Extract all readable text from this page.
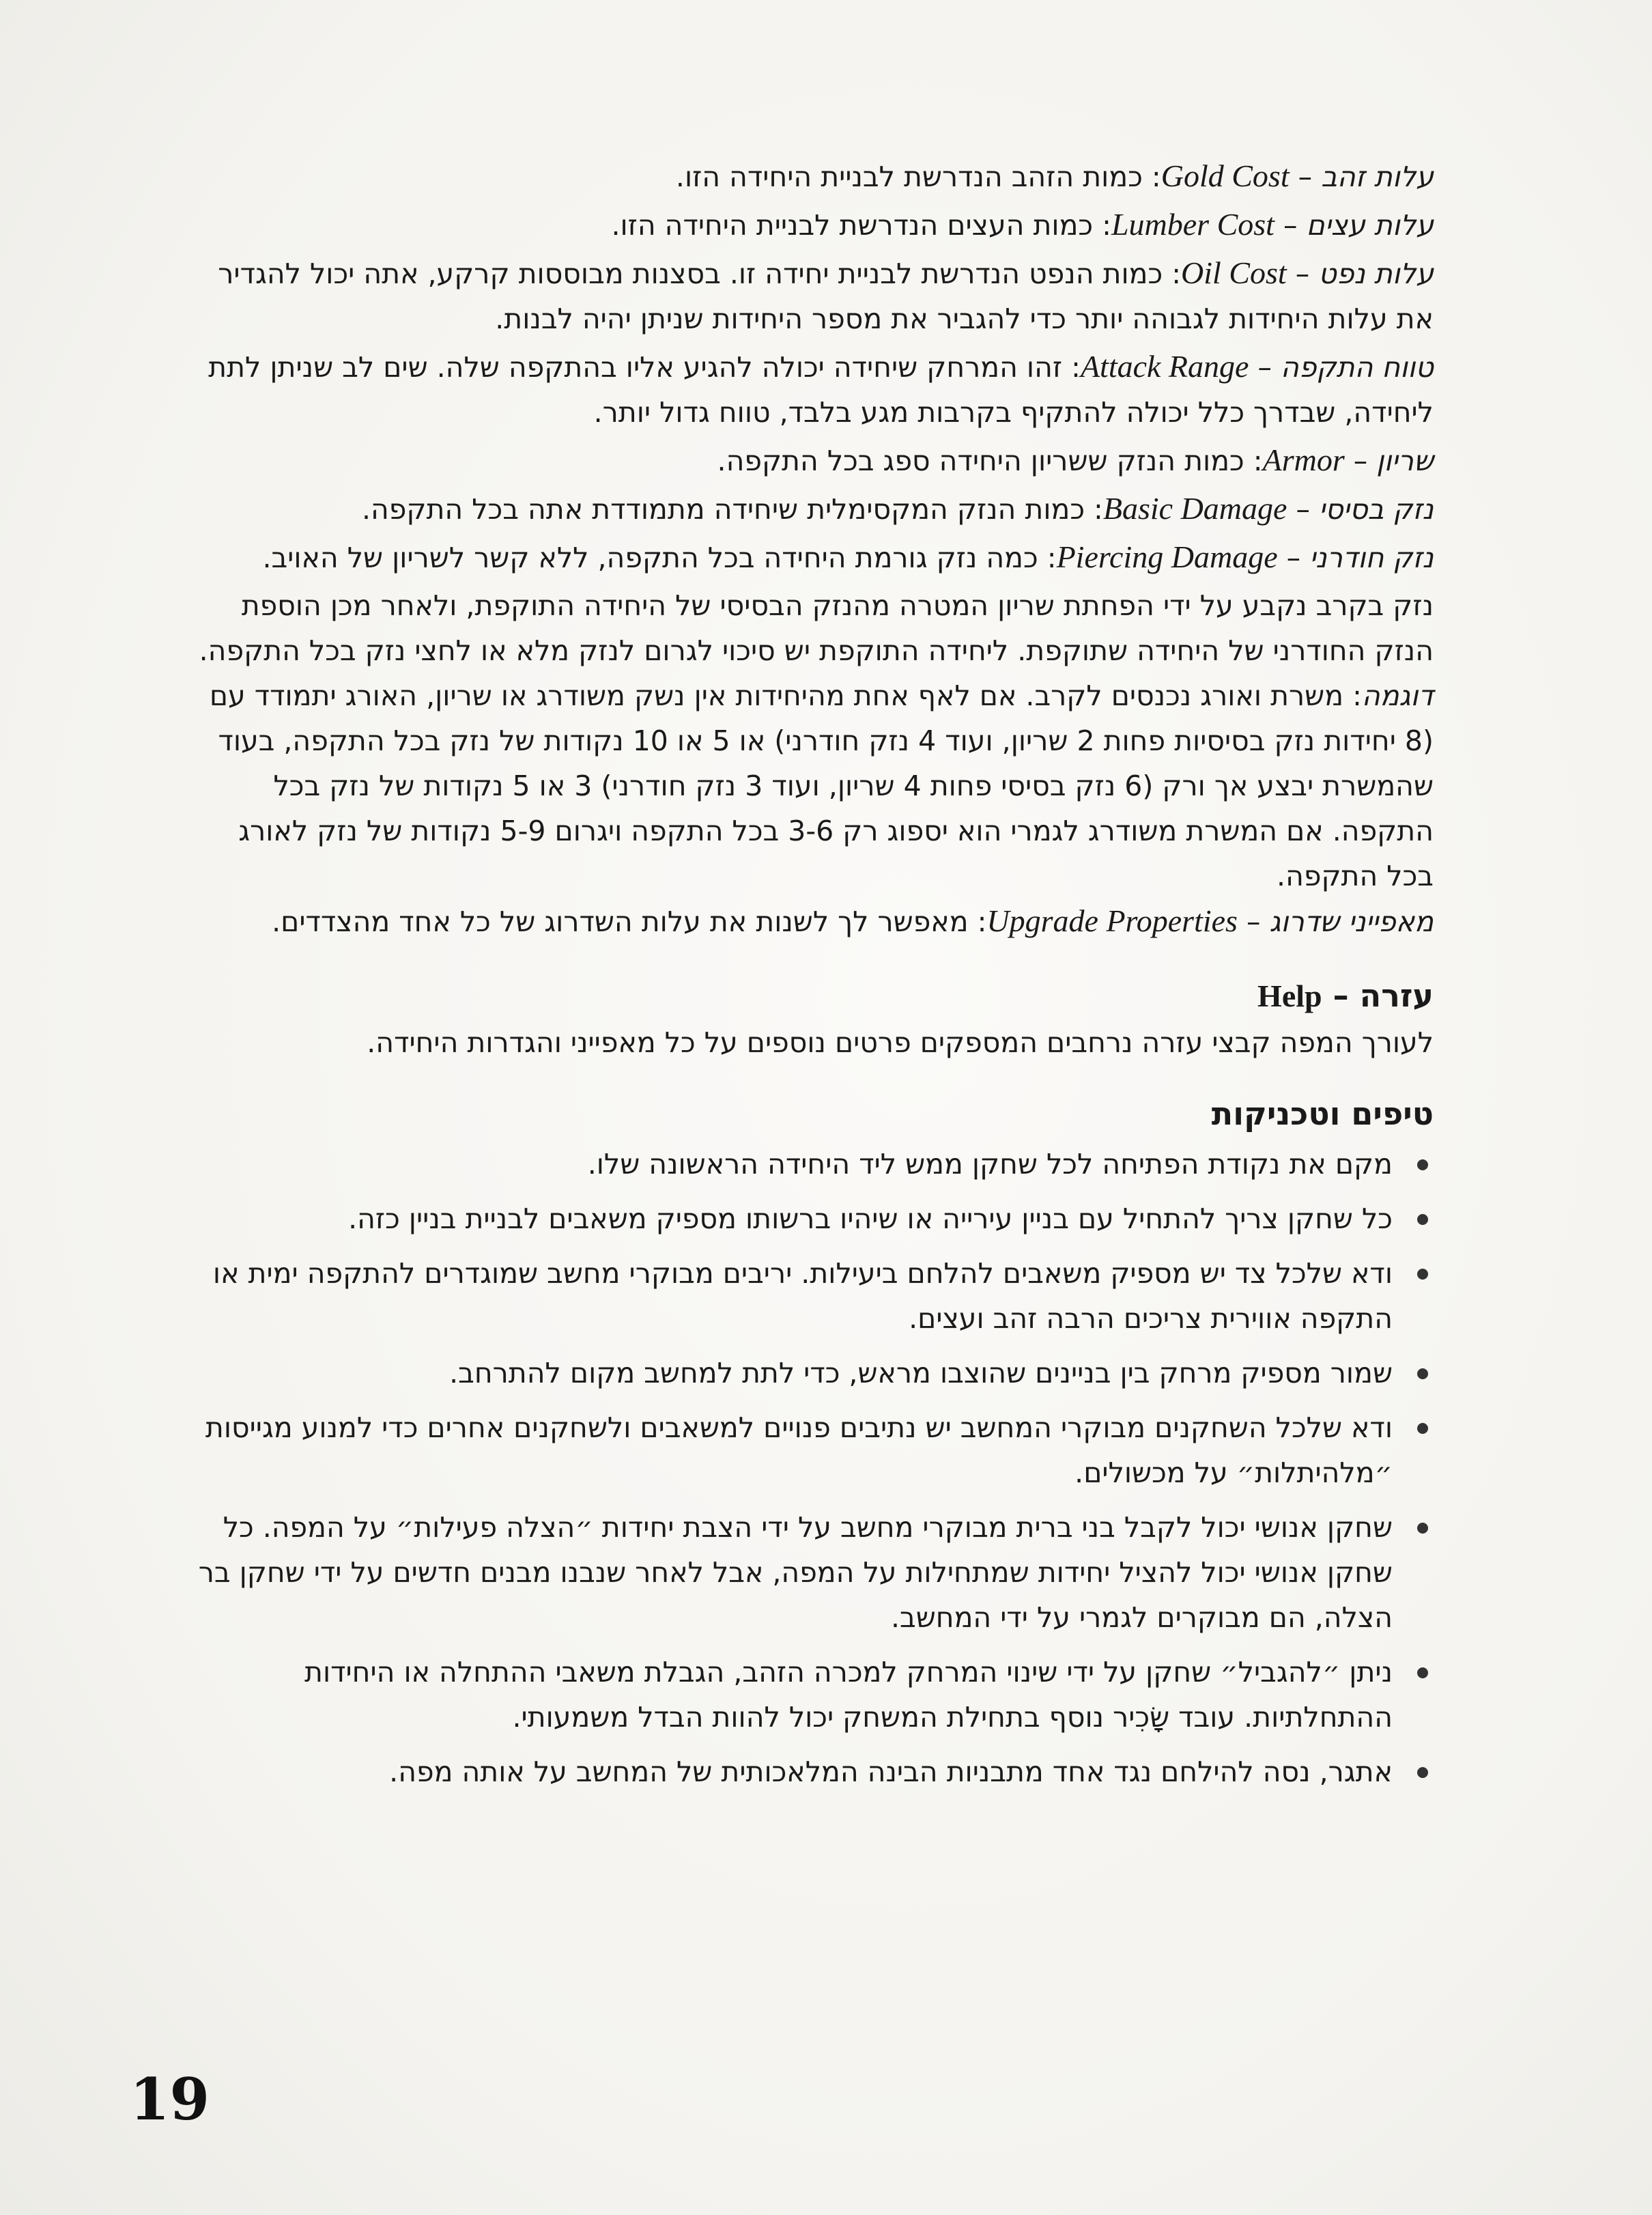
עלות זהב – Gold Cost: כמות הזהב הנדרשת לבניית היחידה הזו.

עלות עצים – Lumber Cost: כמות העצים הנדרשת לבניית היחידה הזו.

עלות נפט – Oil Cost: כמות הנפט הנדרשת לבניית יחידה זו. בסצנות מבוססות קרקע, אתה יכול להגדיר את עלות היחידות לגבוהה יותר כדי להגביר את מספר היחידות שניתן יהיה לבנות.

טווח התקפה – Attack Range: זהו המרחק שיחידה יכולה להגיע אליו בהתקפה שלה. שים לב שניתן לתת ליחידה, שבדרך כלל יכולה להתקיף בקרבות מגע בלבד, טווח גדול יותר.

שריון – Armor: כמות הנזק ששריון היחידה ספג בכל התקפה.

נזק בסיסי – Basic Damage: כמות הנזק המקסימלית שיחידה מתמודדת אתה בכל התקפה.

נזק חודרני – Piercing Damage: כמה נזק גורמת היחידה בכל התקפה, ללא קשר לשריון של האויב.

נזק בקרב נקבע על ידי הפחתת שריון המטרה מהנזק הבסיסי של היחידה התוקפת, ולאחר מכן הוספת הנזק החודרני של היחידה שתוקפת. ליחידה התוקפת יש סיכוי לגרום לנזק מלא או לחצי נזק בכל התקפה.

דוגמה: משרת ואורג נכנסים לקרב. אם לאף אחת מהיחידות אין נשק משודרג או שריון, האורג יתמודד עם (8 יחידות נזק בסיסיות פחות 2 שריון, ועוד 4 נזק חודרני) או 5 או 10 נקודות של נזק בכל התקפה, בעוד שהמשרת יבצע אך ורק (6 נזק בסיסי פחות 4 שריון, ועוד 3 נזק חודרני) 3 או 5 נקודות של נזק בכל התקפה. אם המשרת משודרג לגמרי הוא יספוג רק 3-6 בכל התקפה ויגרום 5-9 נקודות של נזק לאורג בכל התקפה.

מאפייני שדרוג – Upgrade Properties: מאפשר לך לשנות את עלות השדרוג של כל אחד מהצדדים.

עזרה – Help

לעורך המפה קבצי עזרה נרחבים המספקים פרטים נוספים על כל מאפייני והגדרות היחידה.

טיפים וטכניקות
מקם את נקודת הפתיחה לכל שחקן ממש ליד היחידה הראשונה שלו.
כל שחקן צריך להתחיל עם בניין עירייה או שיהיו ברשותו מספיק משאבים לבניית בניין כזה.
ודא שלכל צד יש מספיק משאבים להלחם ביעילות. יריבים מבוקרי מחשב שמוגדרים להתקפה ימית או התקפה אווירית צריכים הרבה זהב ועצים.
שמור מספיק מרחק בין בניינים שהוצבו מראש, כדי לתת למחשב מקום להתרחב.
ודא שלכל השחקנים מבוקרי המחשב יש נתיבים פנויים למשאבים ולשחקנים אחרים כדי למנוע מגייסות ״מלהיתלות״ על מכשולים.
שחקן אנושי יכול לקבל בני ברית מבוקרי מחשב על ידי הצבת יחידות ״הצלה פעילות״ על המפה. כל שחקן אנושי יכול להציל יחידות שמתחילות על המפה, אבל לאחר שנבנו מבנים חדשים על ידי שחקן בר הצלה, הם מבוקרים לגמרי על ידי המחשב.
ניתן ״להגביל״ שחקן על ידי שינוי המרחק למכרה הזהב, הגבלת משאבי ההתחלה או היחידות ההתחלתיות. עובד שָׂכִיר נוסף בתחילת המשחק יכול להוות הבדל משמעותי.
אתגר, נסה להילחם נגד אחד מתבניות הבינה המלאכותית של המחשב על אותה מפה.
19
